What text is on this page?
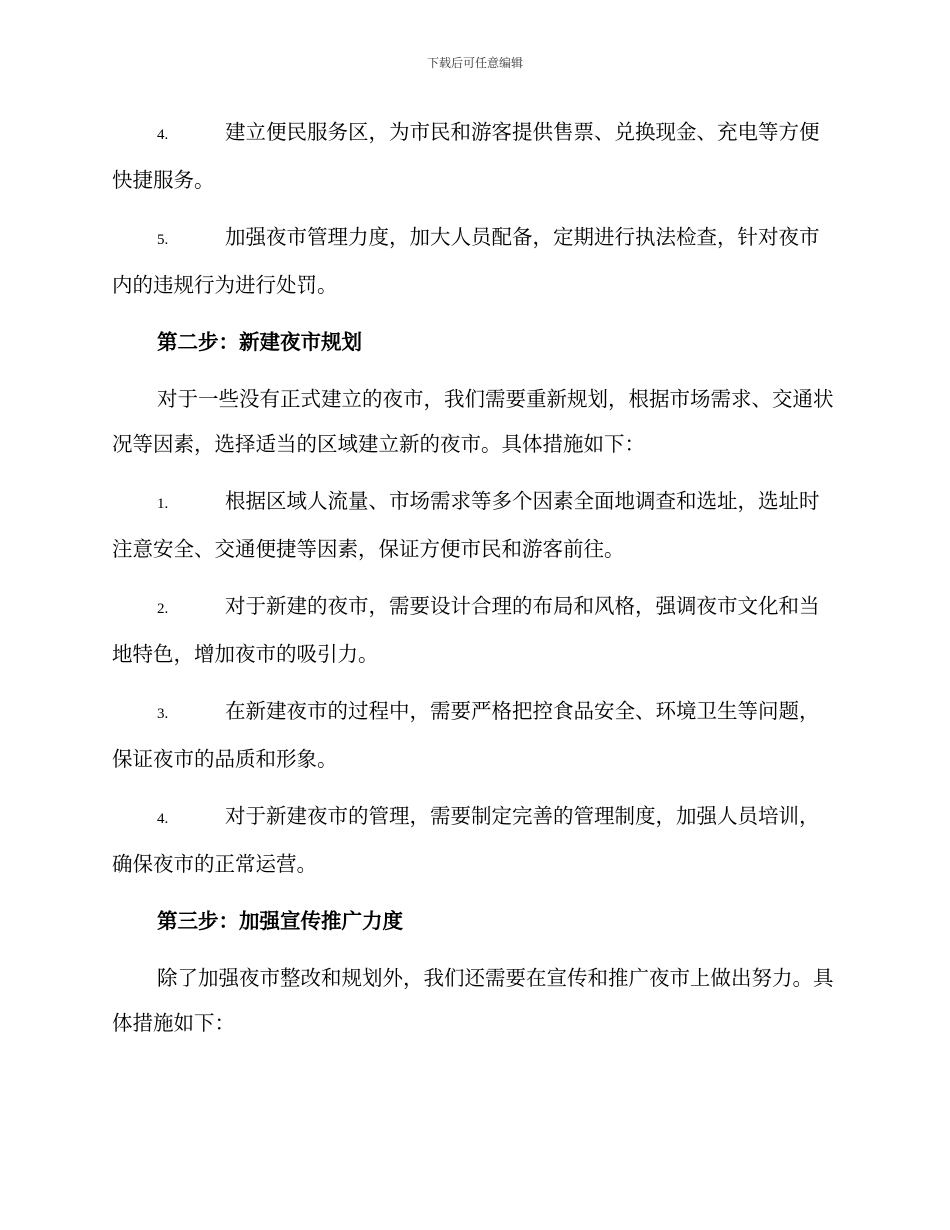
下载后可任意编辑

4.	建立便民服务区，为市民和游客提供售票、兑换现金、充电等方便快捷服务。

5.	加强夜市管理力度，加大人员配备，定期进行执法检查，针对夜市内的违规行为进行处罚。

第二步：新建夜市规划

对于一些没有正式建立的夜市，我们需要重新规划，根据市场需求、交通状况等因素，选择适当的区域建立新的夜市。具体措施如下：

1.	根据区域人流量、市场需求等多个因素全面地调查和选址，选址时注意安全、交通便捷等因素，保证方便市民和游客前往。

2.	对于新建的夜市，需要设计合理的布局和风格，强调夜市文化和当地特色，增加夜市的吸引力。

3.	在新建夜市的过程中，需要严格把控食品安全、环境卫生等问题，保证夜市的品质和形象。

4.	对于新建夜市的管理，需要制定完善的管理制度，加强人员培训，确保夜市的正常运营。

第三步：加强宣传推广力度

除了加强夜市整改和规划外，我们还需要在宣传和推广夜市上做出努力。具体措施如下：
